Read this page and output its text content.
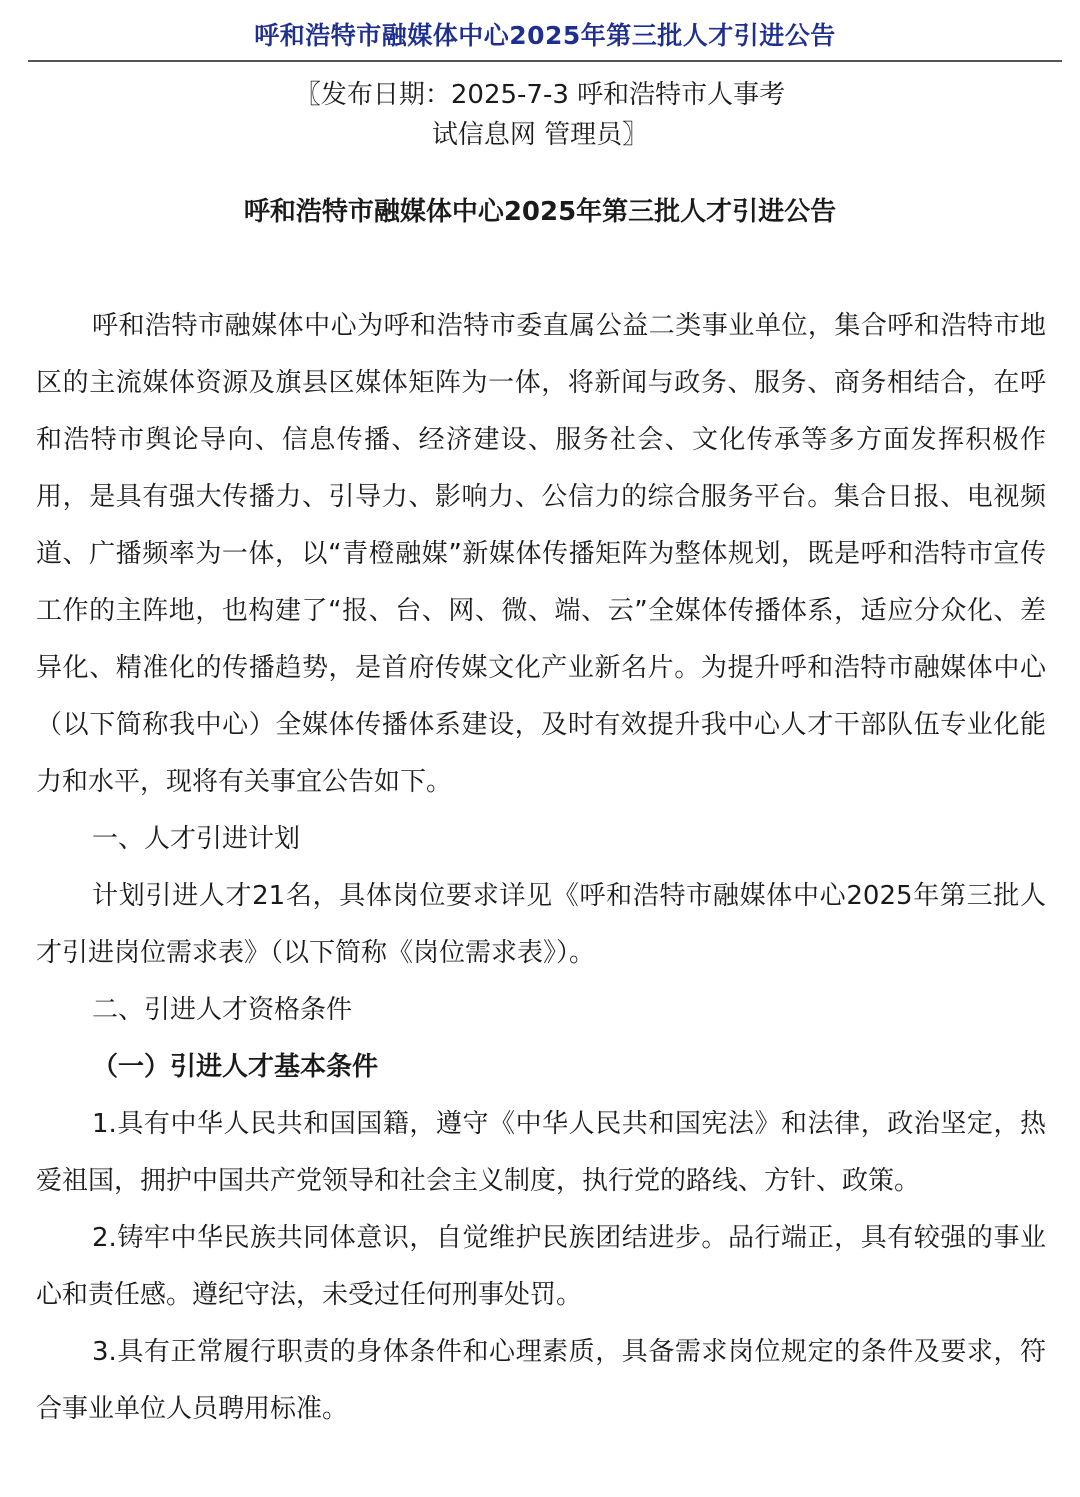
呼和浩特市融媒体中心2025年第三批人才引进公告
〖发布日期：2025-7-3 呼和浩特市人事考
试信息网 管理员〗
呼和浩特市融媒体中心2025年第三批人才引进公告

呼和浩特市融媒体中心为呼和浩特市委直属公益二类事业单位，集合呼和浩特市地区的主流媒体资源及旗县区媒体矩阵为一体，将新闻与政务、服务、商务相结合，在呼和浩特市舆论导向、信息传播、经济建设、服务社会、文化传承等多方面发挥积极作用，是具有强大传播力、引导力、影响力、公信力的综合服务平台。集合日报、电视频道、广播频率为一体，以“青橙融媒”新媒体传播矩阵为整体规划，既是呼和浩特市宣传工作的主阵地，也构建了“报、台、网、微、端、云”全媒体传播体系，适应分众化、差异化、精准化的传播趋势，是首府传媒文化产业新名片。为提升呼和浩特市融媒体中心（以下简称我中心）全媒体传播体系建设，及时有效提升我中心人才干部队伍专业化能力和水平，现将有关事宜公告如下。

一、人才引进计划

计划引进人才21名，具体岗位要求详见《呼和浩特市融媒体中心2025年第三批人才引进岗位需求表》（以下简称《岗位需求表》）。

二、引进人才资格条件

（一）引进人才基本条件

1.具有中华人民共和国国籍，遵守《中华人民共和国宪法》和法律，政治坚定，热爱祖国，拥护中国共产党领导和社会主义制度，执行党的路线、方针、政策。

2.铸牢中华民族共同体意识，自觉维护民族团结进步。品行端正，具有较强的事业心和责任感。遵纪守法，未受过任何刑事处罚。

3.具有正常履行职责的身体条件和心理素质，具备需求岗位规定的条件及要求，符合事业单位人员聘用标准。
